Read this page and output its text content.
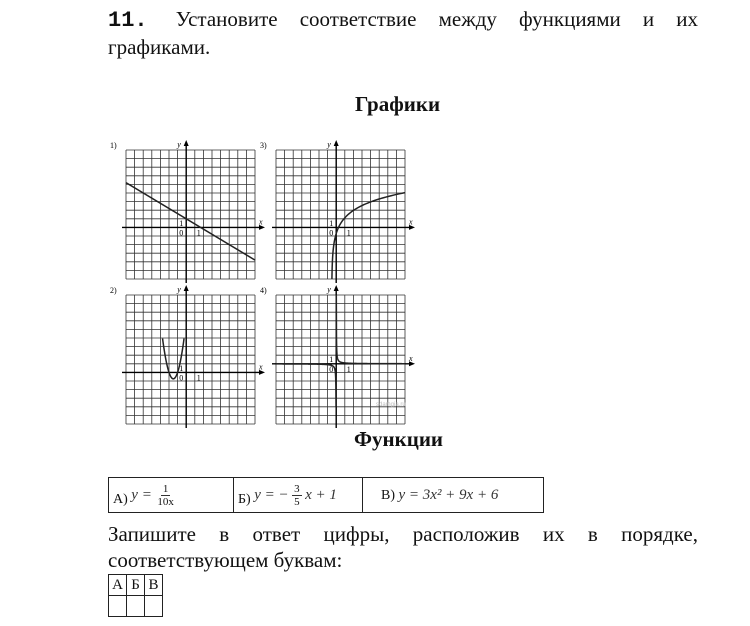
11. Установите соответствие между функциями и их графиками.
Графики
1)	y
x
0
1
1
3)	y
x
0
1
1
2)	y
x
0
1
1
4)	y
x
0
1
1
sdamgia.ru
Функции
А) $y = \frac{1}{10x}$	Б) y = − $\frac{3}{5}$ x + 1	В) y = 3x² + 9x + 6
Запишите в ответ цифры, расположив их в порядке, соответствующем буквам:
А	Б	В
